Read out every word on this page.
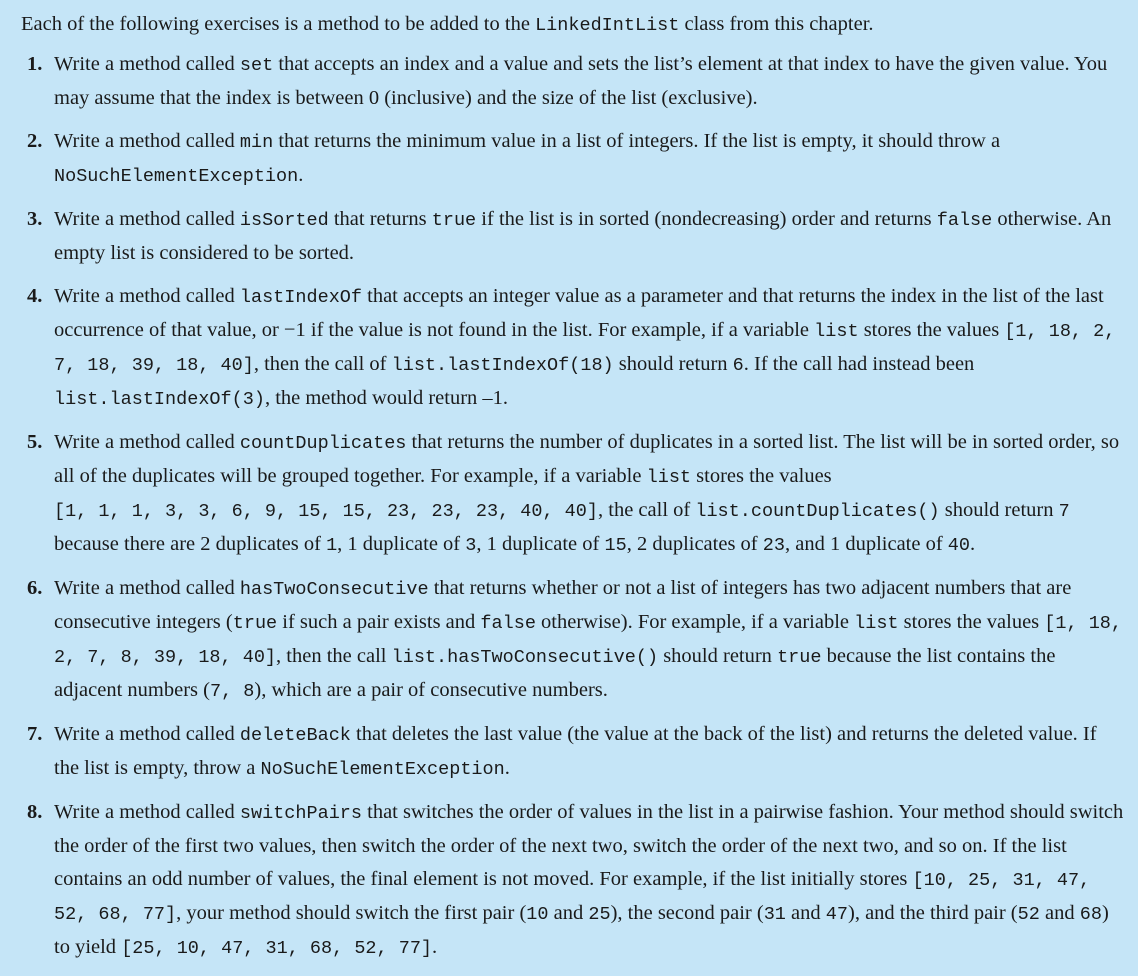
Each of the following exercises is a method to be added to the LinkedIntList class from this chapter.

1. Write a method called set that accepts an index and a value and sets the list’s element at that index to have the given value. You may assume that the index is between 0 (inclusive) and the size of the list (exclusive).
2. Write a method called min that returns the minimum value in a list of integers. If the list is empty, it should throw a NoSuchElementException.
3. Write a method called isSorted that returns true if the list is in sorted (nondecreasing) order and returns false otherwise. An empty list is considered to be sorted.
4. Write a method called lastIndexOf that accepts an integer value as a parameter and that returns the index in the list of the last occurrence of that value, or −1 if the value is not found in the list. For example, if a variable list stores the values [1, 18, 2, 7, 18, 39, 18, 40], then the call of list.lastIndexOf(18) should return 6. If the call had instead been list.lastIndexOf(3), the method would return –1.
5. Write a method called countDuplicates that returns the number of duplicates in a sorted list. The list will be in sorted order, so all of the duplicates will be grouped together. For example, if a variable list stores the values
[1, 1, 1, 3, 3, 6, 9, 15, 15, 23, 23, 23, 40, 40], the call of list.countDuplicates() should return 7 because there are 2 duplicates of 1, 1 duplicate of 3, 1 duplicate of 15, 2 duplicates of 23, and 1 duplicate of 40.
6. Write a method called hasTwoConsecutive that returns whether or not a list of integers has two adjacent numbers that are consecutive integers (true if such a pair exists and false otherwise). For example, if a variable list stores the values [1, 18, 2, 7, 8, 39, 18, 40], then the call list.hasTwoConsecutive() should return true because the list contains the adjacent numbers (7, 8), which are a pair of consecutive numbers.
7. Write a method called deleteBack that deletes the last value (the value at the back of the list) and returns the deleted value. If the list is empty, throw a NoSuchElementException.
8. Write a method called switchPairs that switches the order of values in the list in a pairwise fashion. Your method should switch the order of the first two values, then switch the order of the next two, switch the order of the next two, and so on. If the list contains an odd number of values, the final element is not moved. For example, if the list initially stores [10, 25, 31, 47, 52, 68, 77], your method should switch the first pair (10 and 25), the second pair (31 and 47), and the third pair (52 and 68) to yield [25, 10, 47, 31, 68, 52, 77].
